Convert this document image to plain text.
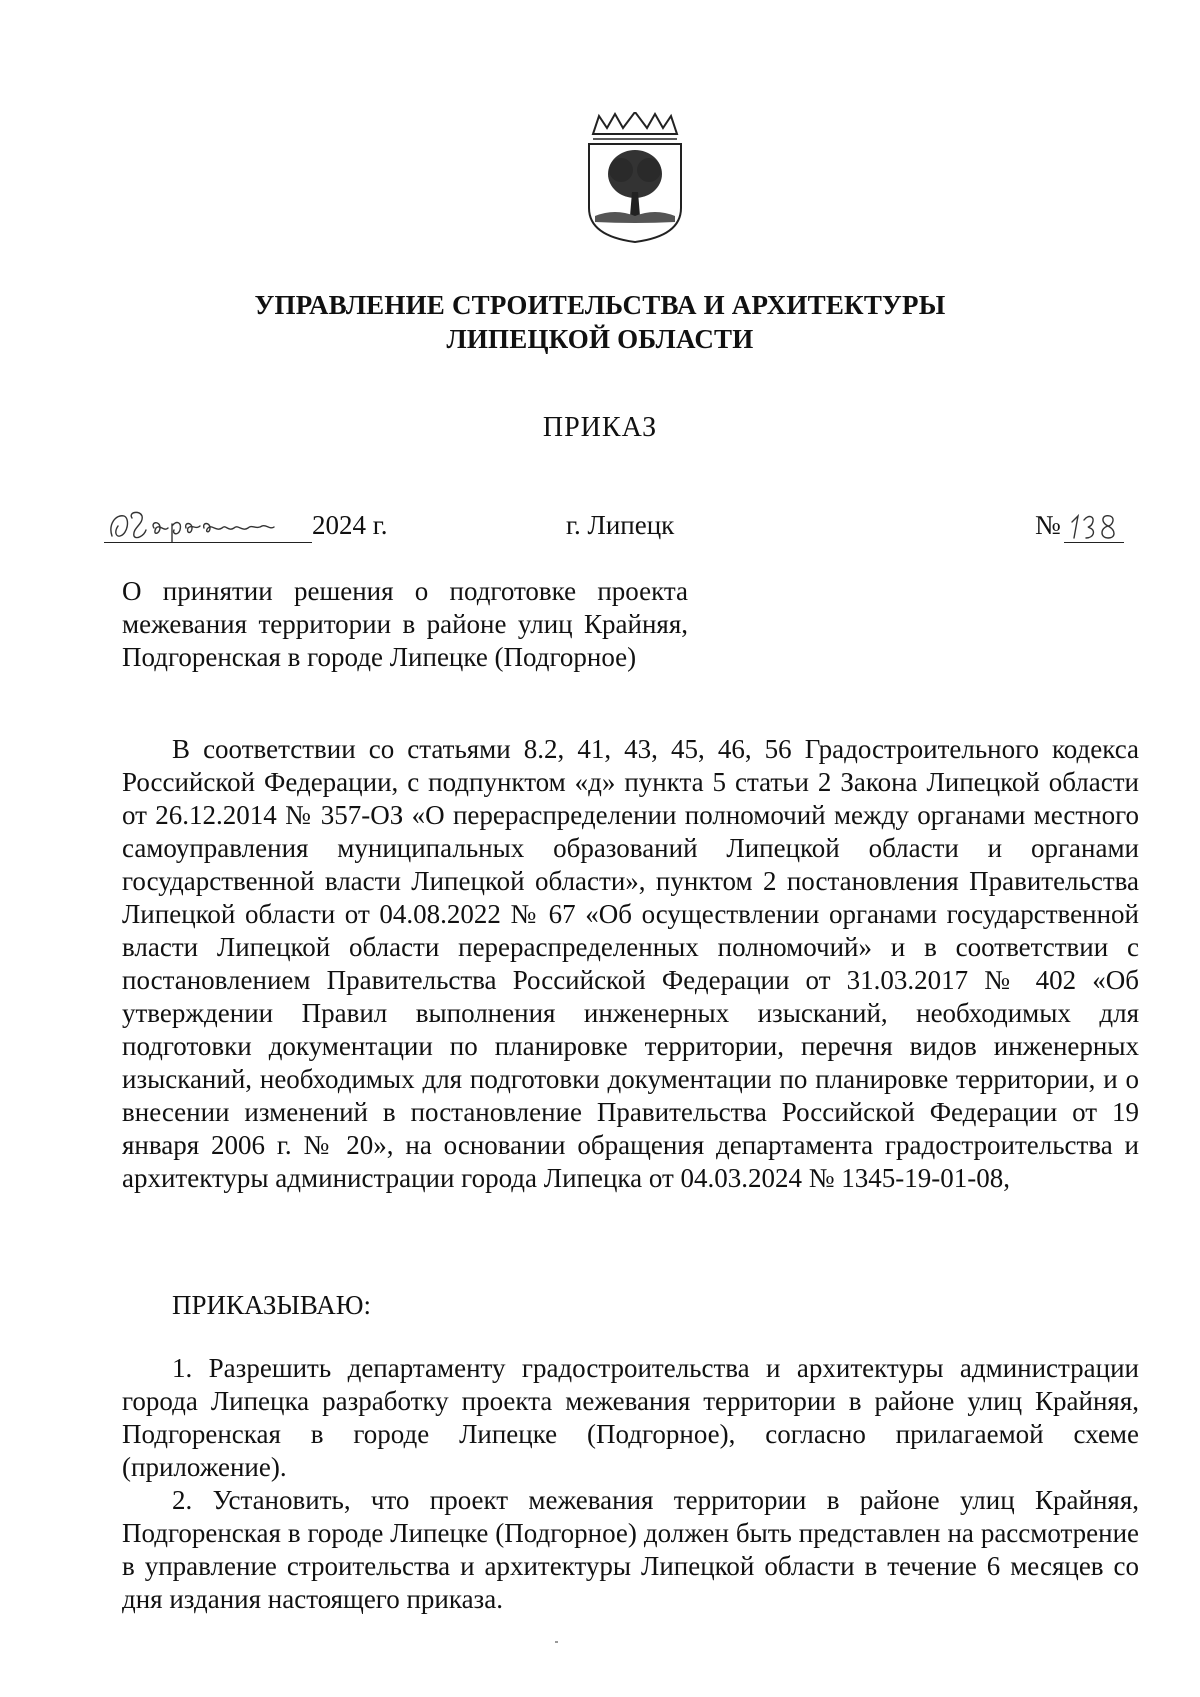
УПРАВЛЕНИЕ СТРОИТЕЛЬСТВА И АРХИТЕКТУРЫ
ЛИПЕЦКОЙ ОБЛАСТИ
ПРИКАЗ
2024 г.	г. Липецк	№
О принятии решения о подготовке проекта межевания территории в районе улиц Крайняя, Подгоренская в городе Липецке (Подгорное)
В соответствии со статьями 8.2, 41, 43, 45, 46, 56 Градостроительного кодекса Российской Федерации, с подпунктом «д» пункта 5 статьи 2 Закона Липецкой области от 26.12.2014 № 357-ОЗ «О перераспределении полномочий между органами местного самоуправления муниципальных образований Липецкой области и органами государственной власти Липецкой области», пунктом 2 постановления Правительства Липецкой области от 04.08.2022 № 67 «Об осуществлении органами государственной власти Липецкой области перераспределенных полномочий» и в соответствии с постановлением Правительства Российской Федерации от 31.03.2017 № 402 «Об утверждении Правил выполнения инженерных изысканий, необходимых для подготовки документации по планировке территории, перечня видов инженерных изысканий, необходимых для подготовки документации по планировке территории, и о внесении изменений в постановление Правительства Российской Федерации от 19 января 2006 г. № 20», на основании обращения департамента градостроительства и архитектуры администрации города Липецка от 04.03.2024 № 1345-19-01-08,
ПРИКАЗЫВАЮ:
1. Разрешить департаменту градостроительства и архитектуры администрации города Липецка разработку проекта межевания территории в районе улиц Крайняя, Подгоренская в городе Липецке (Подгорное), согласно прилагаемой схеме (приложение).
2. Установить, что проект межевания территории в районе улиц Крайняя, Подгоренская в городе Липецке (Подгорное) должен быть представлен на рассмотрение в управление строительства и архитектуры Липецкой области в течение 6 месяцев со дня издания настоящего приказа.
